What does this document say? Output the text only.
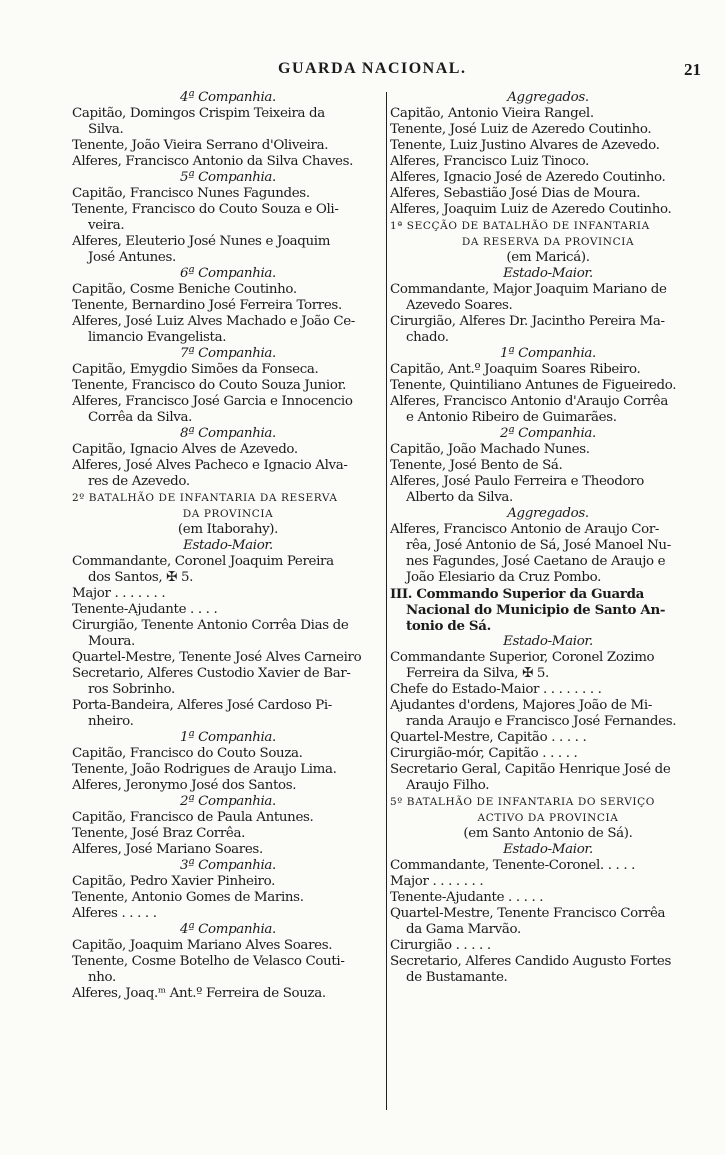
GUARDA NACIONAL.	21
4ª Companhia.
Capitão, Domingos Crispim Teixeira da
Silva.
Tenente, João Vieira Serrano d'Oliveira.
Alferes, Francisco Antonio da Silva Chaves.
5ª Companhia.
Capitão, Francisco Nunes Fagundes.
Tenente, Francisco do Couto Souza e Oli-
veira.
Alferes, Eleuterio José Nunes e Joaquim
José Antunes.
6ª Companhia.
Capitão, Cosme Beniche Coutinho.
Tenente, Bernardino José Ferreira Torres.
Alferes, José Luiz Alves Machado e João Ce-
limancio Evangelista.
7ª Companhia.
Capitão, Emygdio Simões da Fonseca.
Tenente, Francisco do Couto Souza Junior.
Alferes, Francisco José Garcia e Innocencio
Corrêa da Silva.
8ª Companhia.
Capitão, Ignacio Alves de Azevedo.
Alferes, José Alves Pacheco e Ignacio Alva-
res de Azevedo.
2º BATALHÃO DE INFANTARIA DA RESERVA
DA PROVINCIA
(em Itaborahy).
Estado-Maior.
Commandante, Coronel Joaquim Pereira
dos Santos, ✠ 5.
Major . . . . . . .
Tenente-Ajudante . . . .
Cirurgião, Tenente Antonio Corrêa Dias de
Moura.
Quartel-Mestre, Tenente José Alves Carneiro
Secretario, Alferes Custodio Xavier de Bar-
ros Sobrinho.
Porta-Bandeira, Alferes José Cardoso Pi-
nheiro.
1ª Companhia.
Capitão, Francisco do Couto Souza.
Tenente, João Rodrigues de Araujo Lima.
Alferes, Jeronymo José dos Santos.
2ª Companhia.
Capitão, Francisco de Paula Antunes.
Tenente, José Braz Corrêa.
Alferes, José Mariano Soares.
3ª Companhia.
Capitão, Pedro Xavier Pinheiro.
Tenente, Antonio Gomes de Marins.
Alferes . . . . .
4ª Companhia.
Capitão, Joaquim Mariano Alves Soares.
Tenente, Cosme Botelho de Velasco Couti-
nho.
Alferes, Joaq.ᵐ Ant.º Ferreira de Souza.
Aggregados.
Capitão, Antonio Vieira Rangel.
Tenente, José Luiz de Azeredo Coutinho.
Tenente, Luiz Justino Alvares de Azevedo.
Alferes, Francisco Luiz Tinoco.
Alferes, Ignacio José de Azeredo Coutinho.
Alferes, Sebastião José Dias de Moura.
Alferes, Joaquim Luiz de Azeredo Coutinho.
1ª SECÇÃO DE BATALHÃO DE INFANTARIA
DA RESERVA DA PROVINCIA
(em Maricá).
Estado-Maior.
Commandante, Major Joaquim Mariano de
Azevedo Soares.
Cirurgião, Alferes Dr. Jacintho Pereira Ma-
chado.
1ª Companhia.
Capitão, Ant.º Joaquim Soares Ribeiro.
Tenente, Quintiliano Antunes de Figueiredo.
Alferes, Francisco Antonio d'Araujo Corrêa
e Antonio Ribeiro de Guimarães.
2ª Companhia.
Capitão, João Machado Nunes.
Tenente, José Bento de Sá.
Alferes, José Paulo Ferreira e Theodoro
Alberto da Silva.
Aggregados.
Alferes, Francisco Antonio de Araujo Cor-
rêa, José Antonio de Sá, José Manoel Nu-
nes Fagundes, José Caetano de Araujo e
João Elesiario da Cruz Pombo.
III. Commando Superior da Guarda
Nacional do Municipio de Santo An-
tonio de Sá.
Estado-Maior.
Commandante Superior, Coronel Zozimo
Ferreira da Silva, ✠ 5.
Chefe do Estado-Maior . . . . . . . .
Ajudantes d'ordens, Majores João de Mi-
randa Araujo e Francisco José Fernandes.
Quartel-Mestre, Capitão . . . . .
Cirurgião-mór, Capitão . . . . .
Secretario Geral, Capitão Henrique José de
Araujo Filho.
5º BATALHÃO DE INFANTARIA DO SERVIÇO
ACTIVO DA PROVINCIA
(em Santo Antonio de Sá).
Estado-Maior.
Commandante, Tenente-Coronel. . . . .
Major . . . . . . .
Tenente-Ajudante . . . . .
Quartel-Mestre, Tenente Francisco Corrêa
da Gama Marvão.
Cirurgião . . . . .
Secretario, Alferes Candido Augusto Fortes
de Bustamante.
